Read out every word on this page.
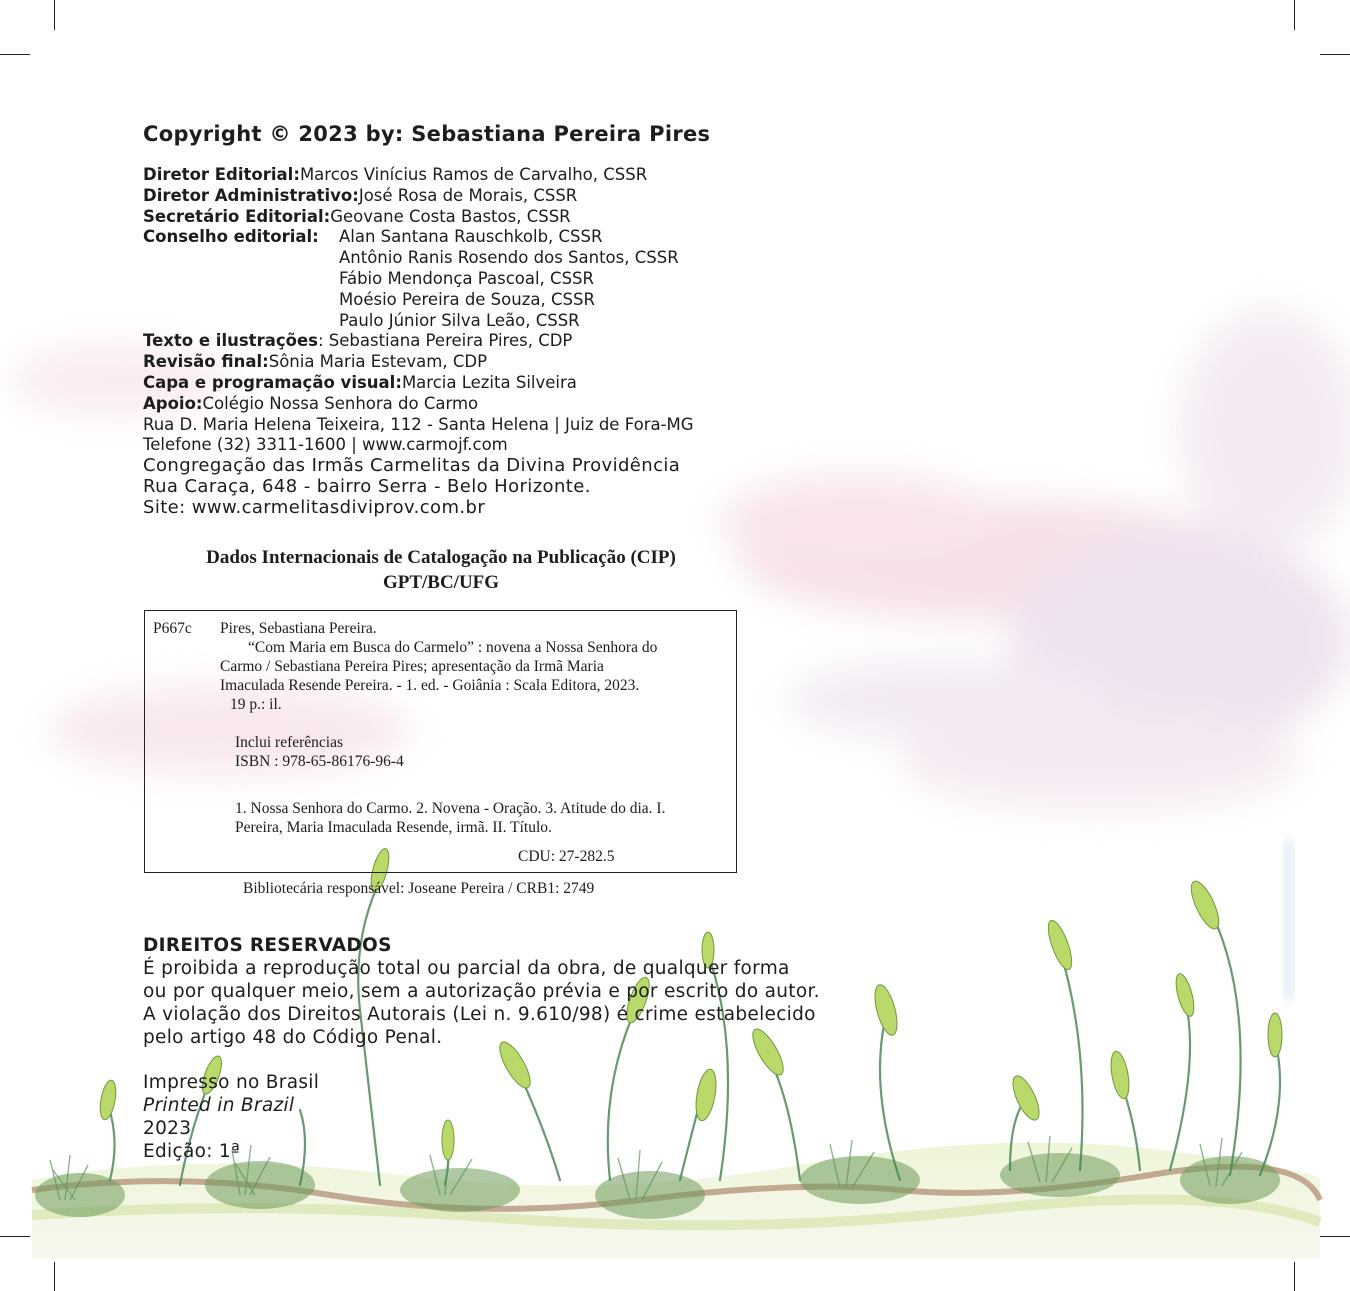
Copyright © 2023 by: Sebastiana Pereira Pires
Diretor Editorial: Marcos Vinícius Ramos de Carvalho, CSSR
Diretor Administrativo: José Rosa de Morais, CSSR
Secretário Editorial: Geovane Costa Bastos, CSSR
Conselho editorial:	Alan Santana Rauschkolb, CSSR
Antônio Ranis Rosendo dos Santos, CSSR
Fábio Mendonça Pascoal, CSSR
Moésio Pereira de Souza, CSSR
Paulo Júnior Silva Leão, CSSR
Texto e ilustrações : Sebastiana Pereira Pires, CDP
Revisão final: Sônia Maria Estevam, CDP
Capa e programação visual: Marcia Lezita Silveira
Apoio: Colégio Nossa Senhora do Carmo
Rua D. Maria Helena Teixeira, 112 - Santa Helena | Juiz de Fora-MG
Telefone (32) 3311-1600 | www.carmojf.com
Congregação das Irmãs Carmelitas da Divina Providência
Rua Caraça, 648 - bairro Serra - Belo Horizonte.
Site: www.carmelitasdiviprov.com.br
Dados Internacionais de Catalogação na Publicação (CIP)
GPT/BC/UFG
P667c Pires, Sebastiana Pereira.
“Com Maria em Busca do Carmelo” : novena a Nossa Senhora do
Carmo / Sebastiana Pereira Pires; apresentação da Irmã Maria
Imaculada Resende Pereira. - 1. ed. - Goiânia : Scala Editora, 2023.
19 p.: il.
Inclui referências
ISBN : 978-65-86176-96-4
1. Nossa Senhora do Carmo. 2. Novena - Oração. 3. Atitude do dia. I.
Pereira, Maria Imaculada Resende, irmã. II. Título.
CDU: 27-282.5
Bibliotecária responsável: Joseane Pereira / CRB1: 2749
DIREITOS RESERVADOS
É proibida a reprodução total ou parcial da obra, de qualquer forma
ou por qualquer meio, sem a autorização prévia e por escrito do autor.
A violação dos Direitos Autorais (Lei n. 9.610/98) é crime estabelecido
pelo artigo 48 do Código Penal.
Impresso no Brasil
Printed in Brazil
2023
Edição: 1ª
